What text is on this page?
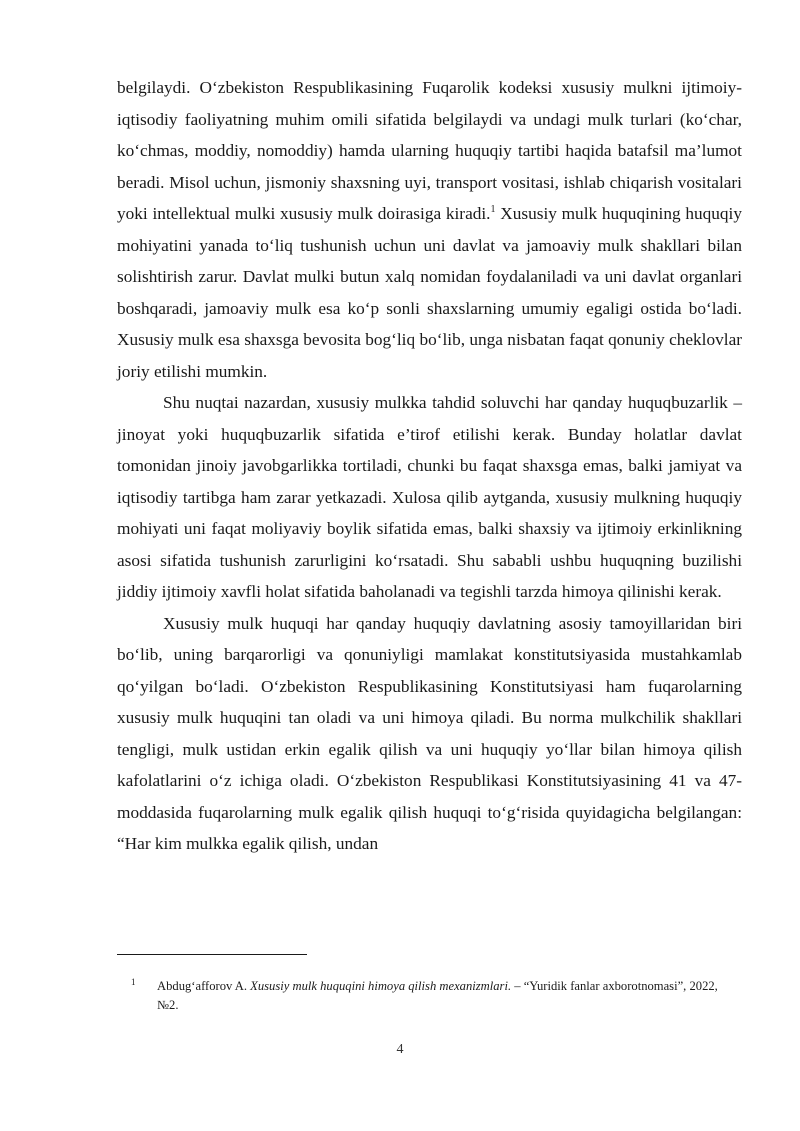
belgilaydi. O‘zbekiston Respublikasining Fuqarolik kodeksi xususiy mulkni ijtimoiy-iqtisodiy faoliyatning muhim omili sifatida belgilaydi va undagi mulk turlari (ko‘char, ko‘chmas, moddiy, nomoddiy) hamda ularning huquqiy tartibi haqida batafsil ma’lumot beradi. Misol uchun, jismoniy shaxsning uyi, transport vositasi, ishlab chiqarish vositalari yoki intellektual mulki xususiy mulk doirasiga kiradi.$^1$ Xususiy mulk huquqining huquqiy mohiyatini yanada to‘liq tushunish uchun uni davlat va jamoaviy mulk shakllari bilan solishtirish zarur. Davlat mulki butun xalq nomidan foydalaniladi va uni davlat organlari boshqaradi, jamoaviy mulk esa ko‘p sonli shaxslarning umumiy egaligi ostida bo‘ladi. Xususiy mulk esa shaxsga bevosita bog‘liq bo‘lib, unga nisbatan faqat qonuniy cheklovlar joriy etilishi mumkin.

Shu nuqtai nazardan, xususiy mulkka tahdid soluvchi har qanday huquqbuzarlik – jinoyat yoki huquqbuzarlik sifatida e’tirof etilishi kerak. Bunday holatlar davlat tomonidan jinoiy javobgarlikka tortiladi, chunki bu faqat shaxsga emas, balki jamiyat va iqtisodiy tartibga ham zarar yetkazadi. Xulosa qilib aytganda, xususiy mulkning huquqiy mohiyati uni faqat moliyaviy boylik sifatida emas, balki shaxsiy va ijtimoiy erkinlikning asosi sifatida tushunish zarurligini ko‘rsatadi. Shu sababli ushbu huquqning buzilishi jiddiy ijtimoiy xavfli holat sifatida baholanadi va tegishli tarzda himoya qilinishi kerak.

Xususiy mulk huquqi har qanday huquqiy davlatning asosiy tamoyillaridan biri bo‘lib, uning barqarorligi va qonuniyligi mamlakat konstitutsiyasida mustahkamlab qo‘yilgan bo‘ladi. O‘zbekiston Respublikasining Konstitutsiyasi ham fuqarolarning xususiy mulk huquqini tan oladi va uni himoya qiladi. Bu norma mulkchilik shakllari tengligi, mulk ustidan erkin egalik qilish va uni huquqiy yo‘llar bilan himoya qilish kafolatlarini o‘z ichiga oladi. O‘zbekiston Respublikasi Konstitutsiyasining 41 va 47-moddasida fuqarolarning mulk egalik qilish huquqi to‘g‘risida quyidagicha belgilangan: “Har kim mulkka egalik qilish, undan

1 Abdug‘afforov A. Xususiy mulk huquqini himoya qilish mexanizmlari. – “Yuridik fanlar axborotnomasi”, 2022, №2.
4
